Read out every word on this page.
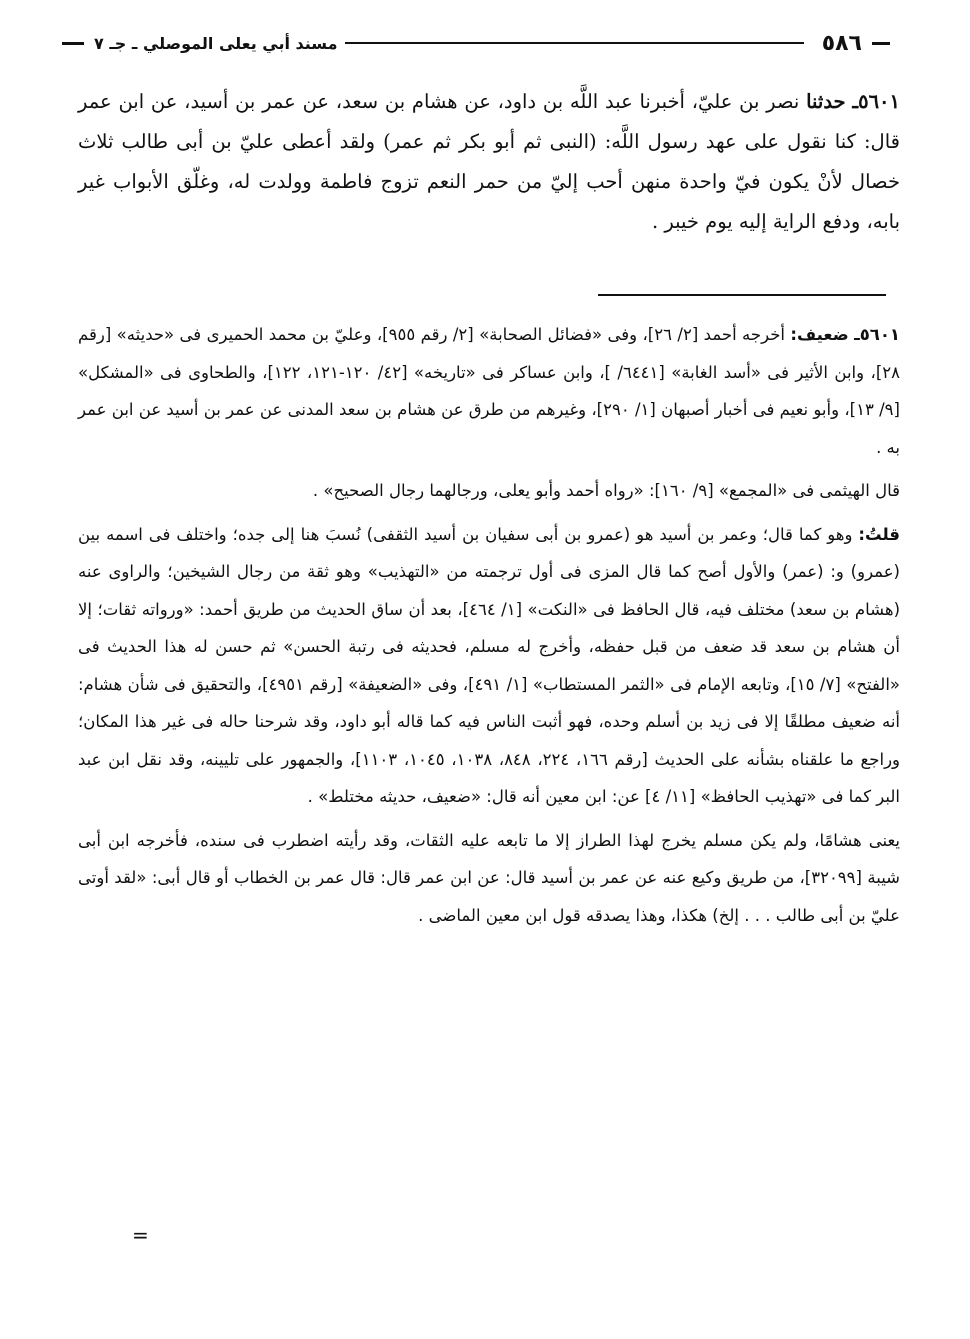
٥٨٦
مسند أبي يعلى الموصلي ـ جـ ٧
٥٦٠١ـ حدثنا نصر بن عليّ، أخبرنا عبد اللَّه بن داود، عن هشام بن سعد، عن عمر بن أسيد، عن ابن عمر قال: كنا نقول على عهد رسول اللَّه: (النبى ثم أبو بكر ثم عمر) ولقد أعطى عليّ بن أبى طالب ثلاث خصال لأنْ يكون فيّ واحدة منهن أحب إليّ من حمر النعم تزوج فاطمة وولدت له، وغلّق الأبواب غير بابه، ودفع الراية إليه يوم خيبر .

٥٦٠١ـ ضعيف: أخرجه أحمد [٢/ ٢٦]، وفى «فضائل الصحابة» [٢/ رقم ٩٥٥]، وعليّ بن محمد الحميرى فى «حديثه» [رقم ٢٨]، وابن الأثير فى «أسد الغابة» [٦٤٤١/ ]، وابن عساكر فى «تاريخه» [٤٢/ ١٢٠-١٢١، ١٢٢]، والطحاوى فى «المشكل» [٩/ ١٣]، وأبو نعيم فى أخبار أصبهان [١/ ٢٩٠]، وغيرهم من طرق عن هشام بن سعد المدنى عن عمر بن أسيد عن ابن عمر به .

قال الهيثمى فى «المجمع» [٩/ ١٦٠]: «رواه أحمد وأبو يعلى، ورجالهما رجال الصحيح» .

قلتُ: وهو كما قال؛ وعمر بن أسيد هو (عمرو بن أبى سفيان بن أسيد الثقفى) نُسبَ هنا إلى جده؛ واختلف فى اسمه بين (عمرو) و: (عمر) والأول أصح كما قال المزى فى أول ترجمته من «التهذيب» وهو ثقة من رجال الشيخين؛ والراوى عنه (هشام بن سعد) مختلف فيه، قال الحافظ فى «النكت» [١/ ٤٦٤]، بعد أن ساق الحديث من طريق أحمد: «ورواته ثقات؛ إلا أن هشام بن سعد قد ضعف من قبل حفظه، وأخرج له مسلم، فحديثه فى رتبة الحسن» ثم حسن له هذا الحديث فى «الفتح» [٧/ ١٥]، وتابعه الإمام فى «الثمر المستطاب» [١/ ٤٩١]، وفى «الضعيفة» [رقم ٤٩٥١]، والتحقيق فى شأن هشام: أنه ضعيف مطلقًا إلا فى زيد بن أسلم وحده، فهو أثبت الناس فيه كما قاله أبو داود، وقد شرحنا حاله فى غير هذا المكان؛ وراجع ما علقناه بشأنه على الحديث [رقم ١٦٦، ٢٢٤، ٨٤٨، ١٠٣٨، ١٠٤٥، ١١٠٣]، والجمهور على تليينه، وقد نقل ابن عبد البر كما فى «تهذيب الحافظ» [١١/ ٤] عن: ابن معين أنه قال: «ضعيف، حديثه مختلط» .

يعنى هشامًا، ولم يكن مسلم يخرج لهذا الطراز إلا ما تابعه عليه الثقات، وقد رأيته اضطرب فى سنده، فأخرجه ابن أبى شيبة [٣٢٠٩٩]، من طريق وكيع عنه عن عمر بن أسيد قال: عن ابن عمر قال: قال عمر بن الخطاب أو قال أبى: «لقد أوتى عليّ بن أبى طالب . . . إلخ) هكذا، وهذا يصدقه قول ابن معين الماضى .

=
